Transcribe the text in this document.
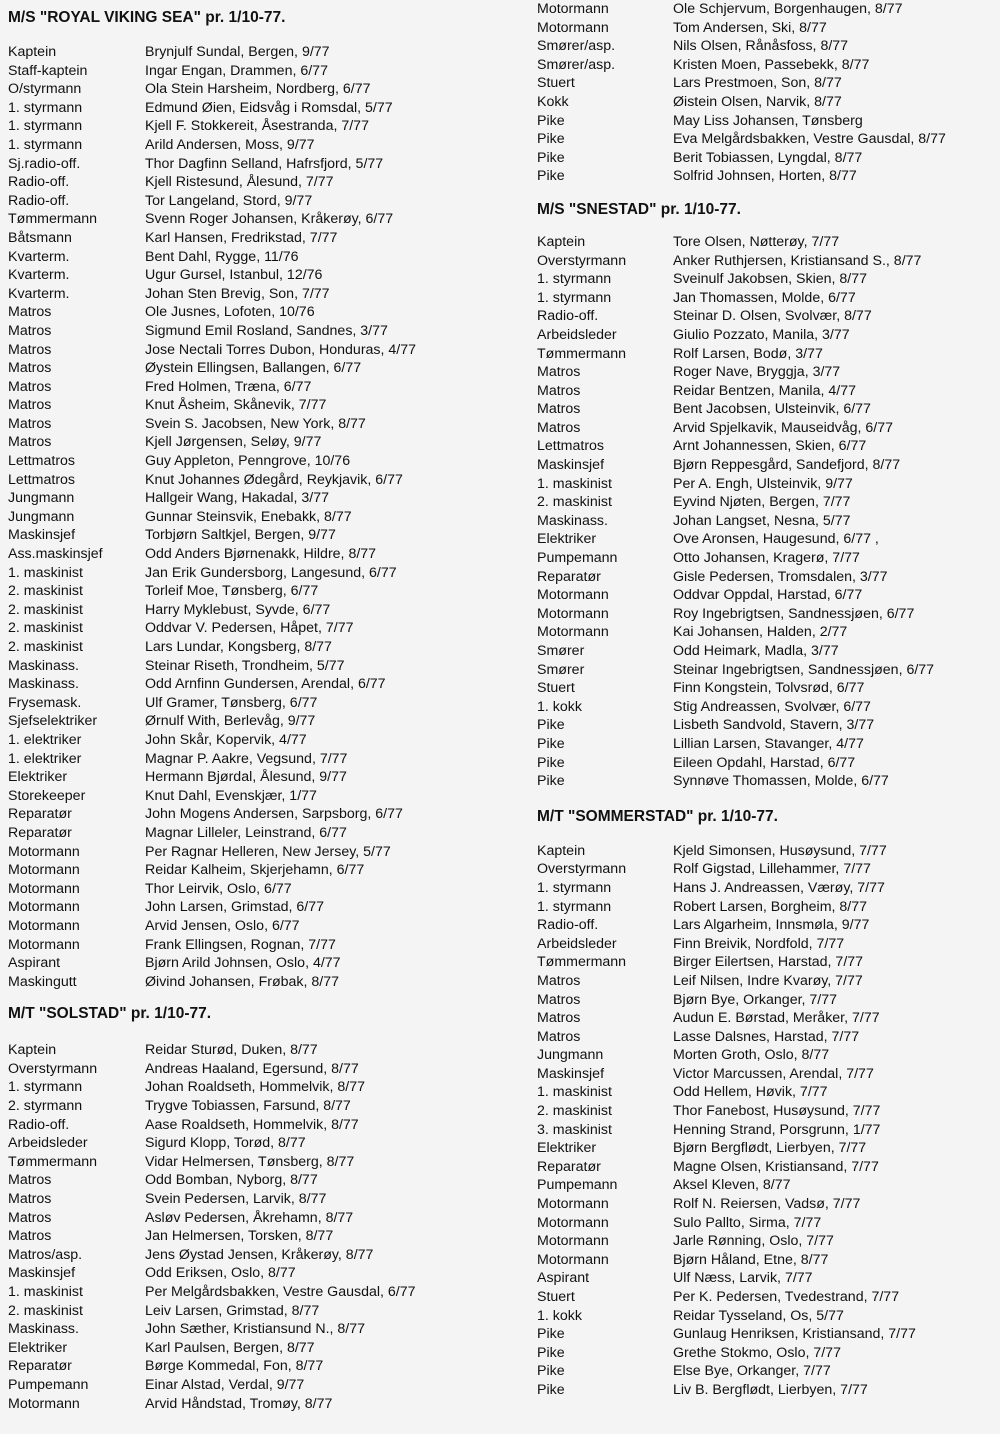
M/S "ROYAL VIKING SEA" pr. 1/10-77.
Kaptein	Brynjulf Sundal, Bergen, 9/77
Staff-kaptein	Ingar Engan, Drammen, 6/77
O/styrmann	Ola Stein Harsheim, Nordberg, 6/77
1. styrmann	Edmund Øien, Eidsvåg i Romsdal, 5/77
1. styrmann	Kjell F. Stokkereit, Åsestranda, 7/77
1. styrmann	Arild Andersen, Moss, 9/77
Sj.radio-off.	Thor Dagfinn Selland, Hafrsfjord, 5/77
Radio-off.	Kjell Ristesund, Ålesund, 7/77
Radio-off.	Tor Langeland, Stord, 9/77
Tømmermann	Svenn Roger Johansen, Kråkerøy, 6/77
Båtsmann	Karl Hansen, Fredrikstad, 7/77
Kvarterm.	Bent Dahl, Rygge, 11/76
Kvarterm.	Ugur Gursel, Istanbul, 12/76
Kvarterm.	Johan Sten Brevig, Son, 7/77
Matros	Ole Jusnes, Lofoten, 10/76
Matros	Sigmund Emil Rosland, Sandnes, 3/77
Matros	Jose Nectali Torres Dubon, Honduras, 4/77
Matros	Øystein Ellingsen, Ballangen, 6/77
Matros	Fred Holmen, Træna, 6/77
Matros	Knut Åsheim, Skånevik, 7/77
Matros	Svein S. Jacobsen, New York, 8/77
Matros	Kjell Jørgensen, Seløy, 9/77
Lettmatros	Guy Appleton, Penngrove, 10/76
Lettmatros	Knut Johannes Ødegård, Reykjavik, 6/77
Jungmann	Hallgeir Wang, Hakadal, 3/77
Jungmann	Gunnar Steinsvik, Enebakk, 8/77
Maskinsjef	Torbjørn Saltkjel, Bergen, 9/77
Ass.maskinsjef	Odd Anders Bjørnenakk, Hildre, 8/77
1. maskinist	Jan Erik Gundersborg, Langesund, 6/77
2. maskinist	Torleif Moe, Tønsberg, 6/77
2. maskinist	Harry Myklebust, Syvde, 6/77
2. maskinist	Oddvar V. Pedersen, Håpet, 7/77
2. maskinist	Lars Lundar, Kongsberg, 8/77
Maskinass.	Steinar Riseth, Trondheim, 5/77
Maskinass.	Odd Arnfinn Gundersen, Arendal, 6/77
Frysemask.	Ulf Gramer, Tønsberg, 6/77
Sjefselektriker	Ørnulf With, Berlevåg, 9/77
1. elektriker	John Skår, Kopervik, 4/77
1. elektriker	Magnar P. Aakre, Vegsund, 7/77
Elektriker	Hermann Bjørdal, Ålesund, 9/77
Storekeeper	Knut Dahl, Evenskjær, 1/77
Reparatør	John Mogens Andersen, Sarpsborg, 6/77
Reparatør	Magnar Lilleler, Leinstrand, 6/77
Motormann	Per Ragnar Helleren, New Jersey, 5/77
Motormann	Reidar Kalheim, Skjerjehamn, 6/77
Motormann	Thor Leirvik, Oslo, 6/77
Motormann	John Larsen, Grimstad, 6/77
Motormann	Arvid Jensen, Oslo, 6/77
Motormann	Frank Ellingsen, Rognan, 7/77
Aspirant	Bjørn Arild Johnsen, Oslo, 4/77
Maskingutt	Øivind Johansen, Frøbak, 8/77
M/T "SOLSTAD" pr. 1/10-77.
Kaptein	Reidar Sturød, Duken, 8/77
Overstyrmann	Andreas Haaland, Egersund, 8/77
1. styrmann	Johan Roaldseth, Hommelvik, 8/77
2. styrmann	Trygve Tobiassen, Farsund, 8/77
Radio-off.	Aase Roaldseth, Hommelvik, 8/77
Arbeidsleder	Sigurd Klopp, Torød, 8/77
Tømmermann	Vidar Helmersen, Tønsberg, 8/77
Matros	Odd Bomban, Nyborg, 8/77
Matros	Svein Pedersen, Larvik, 8/77
Matros	Asløv Pedersen, Åkrehamn, 8/77
Matros	Jan Helmersen, Torsken, 8/77
Matros/asp.	Jens Øystad Jensen, Kråkerøy, 8/77
Maskinsjef	Odd Eriksen, Oslo, 8/77
1. maskinist	Per Melgårdsbakken, Vestre Gausdal, 6/77
2. maskinist	Leiv Larsen, Grimstad, 8/77
Maskinass.	John Sæther, Kristiansund N., 8/77
Elektriker	Karl Paulsen, Bergen, 8/77
Reparatør	Børge Kommedal, Fon, 8/77
Pumpemann	Einar Alstad, Verdal, 9/77
Motormann	Arvid Håndstad, Tromøy, 8/77
Motormann	Ole Schjervum, Borgenhaugen, 8/77
Motormann	Tom Andersen, Ski, 8/77
Smører/asp.	Nils Olsen, Rånåsfoss, 8/77
Smører/asp.	Kristen Moen, Passebekk, 8/77
Stuert	Lars Prestmoen, Son, 8/77
Kokk	Øistein Olsen, Narvik, 8/77
Pike	May Liss Johansen, Tønsberg
Pike	Eva Melgårdsbakken, Vestre Gausdal, 8/77
Pike	Berit Tobiassen, Lyngdal, 8/77
Pike	Solfrid Johnsen, Horten, 8/77
M/S "SNESTAD" pr. 1/10-77.
Kaptein	Tore Olsen, Nøtterøy, 7/77
Overstyrmann	Anker Ruthjersen, Kristiansand S., 8/77
1. styrmann	Sveinulf Jakobsen, Skien, 8/77
1. styrmann	Jan Thomassen, Molde, 6/77
Radio-off.	Steinar D. Olsen, Svolvær, 8/77
Arbeidsleder	Giulio Pozzato, Manila, 3/77
Tømmermann	Rolf Larsen, Bodø, 3/77
Matros	Roger Nave, Bryggja, 3/77
Matros	Reidar Bentzen, Manila, 4/77
Matros	Bent Jacobsen, Ulsteinvik, 6/77
Matros	Arvid Spjelkavik, Mauseidvåg, 6/77
Lettmatros	Arnt Johannessen, Skien, 6/77
Maskinsjef	Bjørn Reppesgård, Sandefjord, 8/77
1. maskinist	Per A. Engh, Ulsteinvik, 9/77
2. maskinist	Eyvind Njøten, Bergen, 7/77
Maskinass.	Johan Langset, Nesna, 5/77
Elektriker	Ove Aronsen, Haugesund, 6/77 ,
Pumpemann	Otto Johansen, Kragerø, 7/77
Reparatør	Gisle Pedersen, Tromsdalen, 3/77
Motormann	Oddvar Oppdal, Harstad, 6/77
Motormann	Roy Ingebrigtsen, Sandnessjøen, 6/77
Motormann	Kai Johansen, Halden, 2/77
Smører	Odd Heimark, Madla, 3/77
Smører	Steinar Ingebrigtsen, Sandnessjøen, 6/77
Stuert	Finn Kongstein, Tolvsrød, 6/77
1. kokk	Stig Andreassen, Svolvær, 6/77
Pike	Lisbeth Sandvold, Stavern, 3/77
Pike	Lillian Larsen, Stavanger, 4/77
Pike	Eileen Opdahl, Harstad, 6/77
Pike	Synnøve Thomassen, Molde, 6/77
M/T "SOMMERSTAD" pr. 1/10-77.
Kaptein	Kjeld Simonsen, Husøysund, 7/77
Overstyrmann	Rolf Gigstad, Lillehammer, 7/77
1. styrmann	Hans J. Andreassen, Værøy, 7/77
1. styrmann	Robert Larsen, Borgheim, 8/77
Radio-off.	Lars Algarheim, Innsmøla, 9/77
Arbeidsleder	Finn Breivik, Nordfold, 7/77
Tømmermann	Birger Eilertsen, Harstad, 7/77
Matros	Leif Nilsen, Indre Kvarøy, 7/77
Matros	Bjørn Bye, Orkanger, 7/77
Matros	Audun E. Børstad, Meråker, 7/77
Matros	Lasse Dalsnes, Harstad, 7/77
Jungmann	Morten Groth, Oslo, 8/77
Maskinsjef	Victor Marcussen, Arendal, 7/77
1. maskinist	Odd Hellem, Høvik, 7/77
2. maskinist	Thor Fanebost, Husøysund, 7/77
3. maskinist	Henning Strand, Porsgrunn, 1/77
Elektriker	Bjørn Bergflødt, Lierbyen, 7/77
Reparatør	Magne Olsen, Kristiansand, 7/77
Pumpemann	Aksel Kleven, 8/77
Motormann	Rolf N. Reiersen, Vadsø, 7/77
Motormann	Sulo Pallto, Sirma, 7/77
Motormann	Jarle Rønning, Oslo, 7/77
Motormann	Bjørn Håland, Etne, 8/77
Aspirant	Ulf Næss, Larvik, 7/77
Stuert	Per K. Pedersen, Tvedestrand, 7/77
1. kokk	Reidar Tysseland, Os, 5/77
Pike	Gunlaug Henriksen, Kristiansand, 7/77
Pike	Grethe Stokmo, Oslo, 7/77
Pike	Else Bye, Orkanger, 7/77
Pike	Liv B. Bergflødt, Lierbyen, 7/77
